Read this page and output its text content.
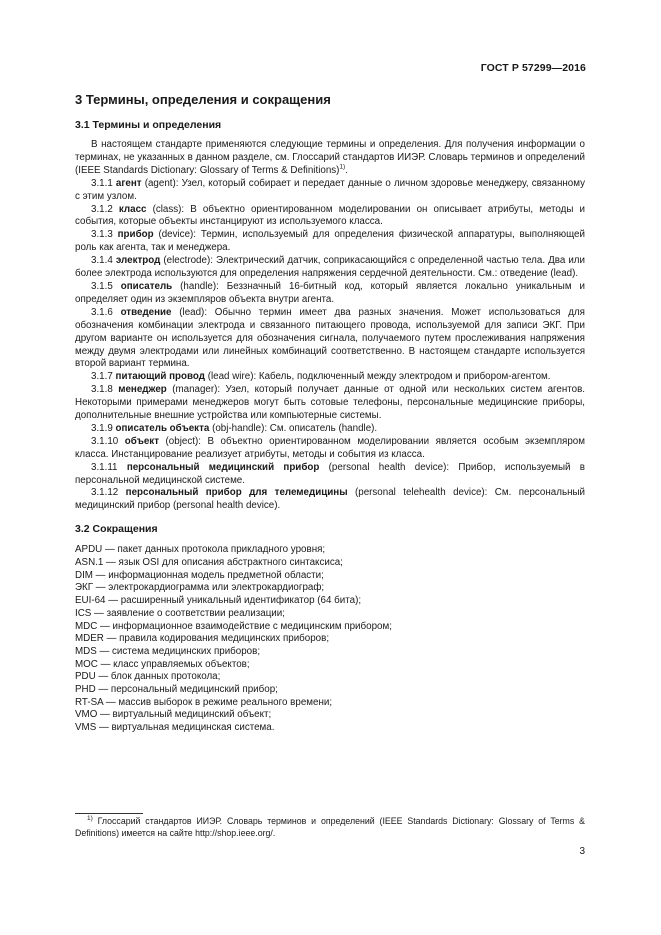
ГОСТ Р 57299—2016
3 Термины, определения и сокращения
3.1 Термины и определения

В настоящем стандарте применяются следующие термины и определения. Для получения информации о терминах, не указанных в данном разделе, см. Глоссарий стандартов ИИЭР. Словарь терминов и определений (IEEE Standards Dictionary: Glossary of Terms & Definitions)$^{1)}$.

3.1.1 агент (agent): Узел, который собирает и передает данные о личном здоровье менеджеру, связанному с этим узлом.

3.1.2 класс (class): В объектно ориентированном моделировании он описывает атрибуты, методы и события, которые объекты инстанцируют из используемого класса.

3.1.3 прибор (device): Термин, используемый для определения физической аппаратуры, выполняющей роль как агента, так и менеджера.

3.1.4 электрод (electrode): Электрический датчик, соприкасающийся с определенной частью тела. Два или более электрода используются для определения напряжения сердечной деятельности. См.: отведение (lead).

3.1.5 описатель (handle): Беззначный 16-битный код, который является локально уникальным и определяет один из экземпляров объекта внутри агента.

3.1.6 отведение (lead): Обычно термин имеет два разных значения. Может использоваться для обозначения комбинации электрода и связанного питающего провода, используемой для записи ЭКГ. При другом варианте он используется для обозначения сигнала, получаемого путем прослеживания напряжения между двумя электродами или линейных комбинаций соответственно. В настоящем стандарте используется второй вариант термина.

3.1.7 питающий провод (lead wire): Кабель, подключенный между электродом и прибором-агентом.

3.1.8 менеджер (manager): Узел, который получает данные от одной или нескольких систем агентов. Некоторыми примерами менеджеров могут быть сотовые телефоны, персональные медицинские приборы, дополнительные внешние устройства или компьютерные системы.

3.1.9 описатель объекта (obj-handle): См. описатель (handle).

3.1.10 объект (object): В объектно ориентированном моделировании является особым экземпляром класса. Инстанцирование реализует атрибуты, методы и события из класса.

3.1.11 персональный медицинский прибор (personal health device): Прибор, используемый в персональной медицинской системе.

3.1.12 персональный прибор для телемедицины (personal telehealth device): См. персональный медицинский прибор (personal health device).

3.2 Сокращения
APDU — пакет данных протокола прикладного уровня;
ASN.1 — язык OSI для описания абстрактного синтаксиса;
DIM — информационная модель предметной области;
ЭКГ — электрокардиограмма или электрокардиограф;
EUI-64 — расширенный уникальный идентификатор (64 бита);
ICS — заявление о соответствии реализации;
MDC — информационное взаимодействие с медицинским прибором;
MDER — правила кодирования медицинских приборов;
MDS — система медицинских приборов;
MOC — класс управляемых объектов;
PDU — блок данных протокола;
PHD — персональный медицинский прибор;
RT-SA — массив выборок в режиме реального времени;
VMO — виртуальный медицинский объект;
VMS — виртуальная медицинская система.
$^{1)}$ Глоссарий стандартов ИИЭР. Словарь терминов и определений (IEEE Standards Dictionary: Glossary of Terms & Definitions) имеется на сайте http://shop.ieee.org/.
3
